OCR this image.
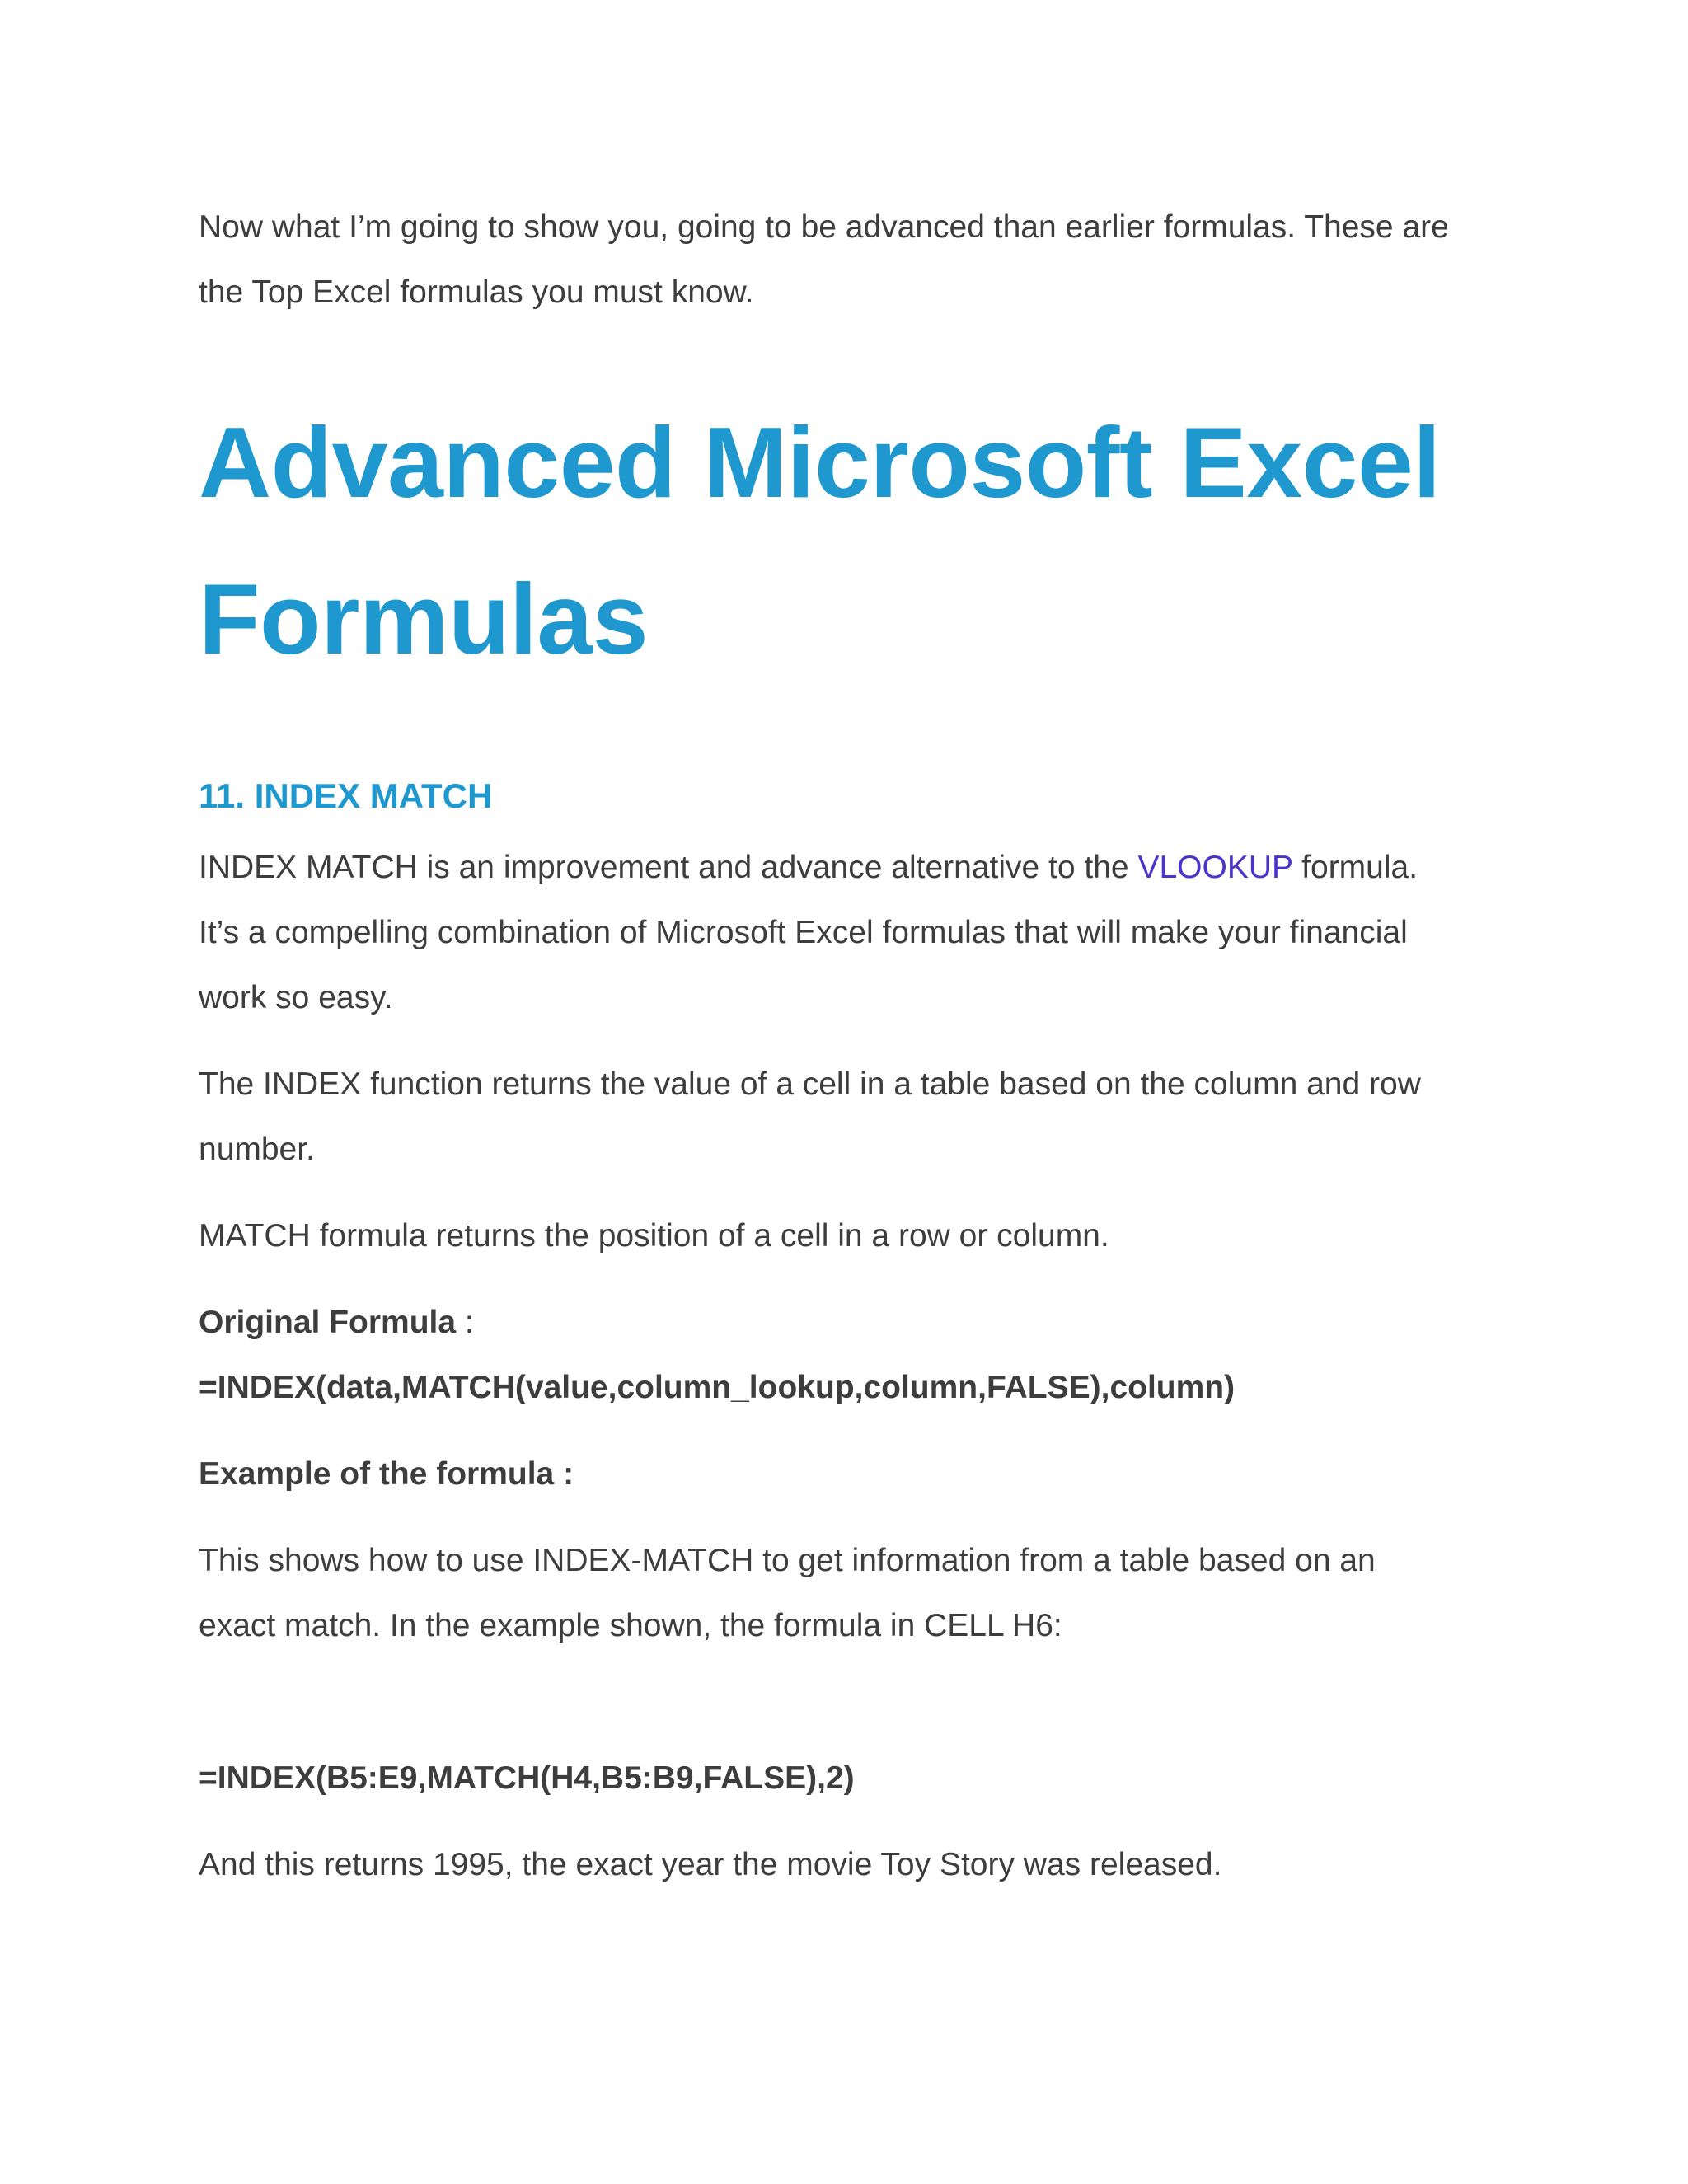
Now what I’m going to show you, going to be advanced than earlier formulas. These are
the Top Excel formulas you must know.

Advanced Microsoft Excel
Formulas
11. INDEX MATCH

INDEX MATCH is an improvement and advance alternative to the VLOOKUP formula.
It’s a compelling combination of Microsoft Excel formulas that will make your financial
work so easy.

The INDEX function returns the value of a cell in a table based on the column and row
number.

MATCH formula returns the position of a cell in a row or column.

Original Formula :
=INDEX(data,MATCH(value,column_lookup,column,FALSE),column)

Example of the formula :

This shows how to use INDEX-MATCH to get information from a table based on an
exact match. In the example shown, the formula in CELL H6:

=INDEX(B5:E9,MATCH(H4,B5:B9,FALSE),2)

And this returns 1995, the exact year the movie Toy Story was released.
